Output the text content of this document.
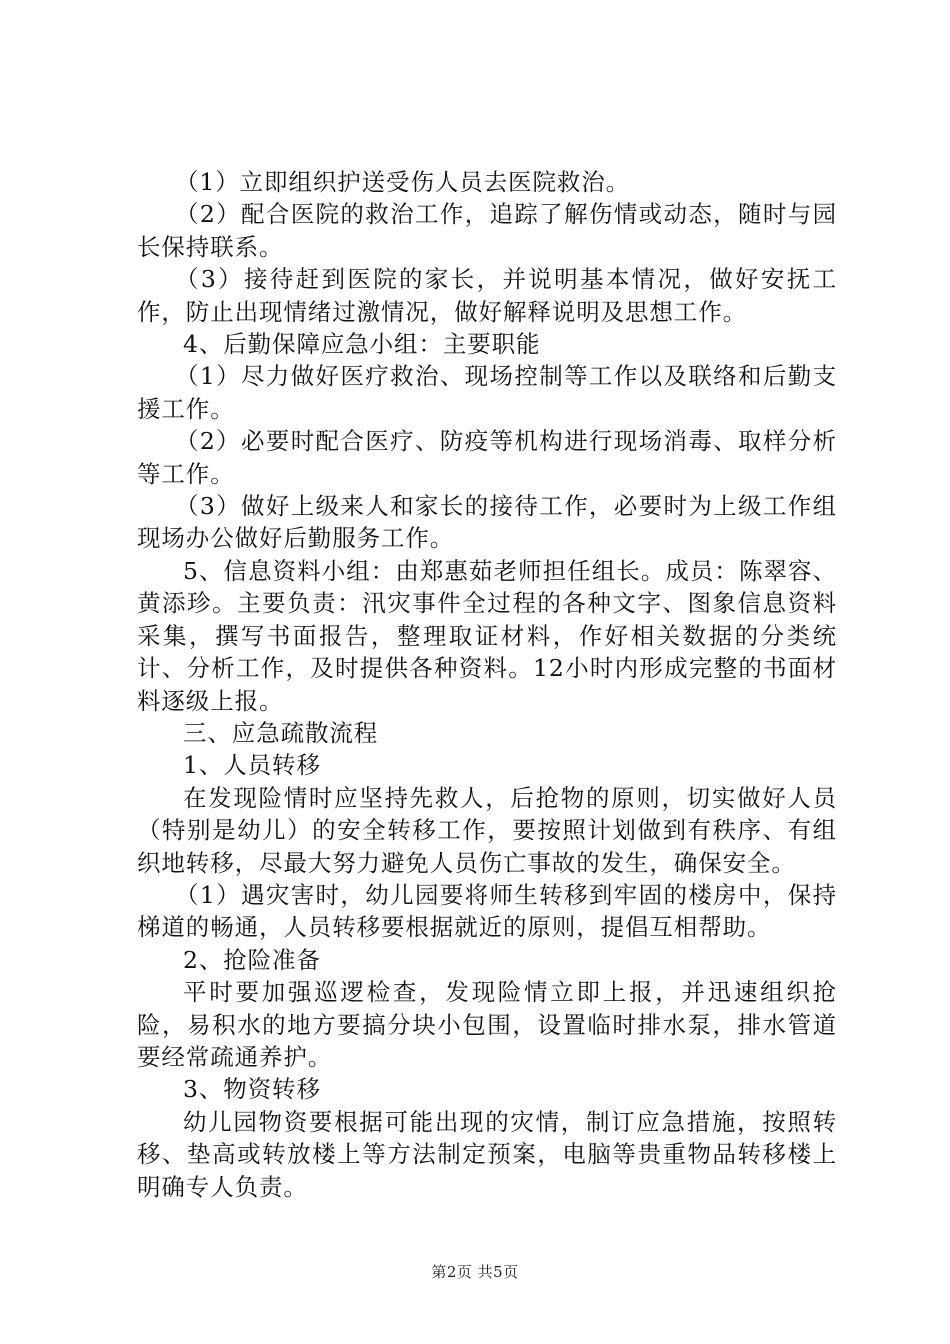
（1）立即组织护送受伤人员去医院救治。

（2）配合医院的救治工作，追踪了解伤情或动态，随时与园长保持联系。

（3）接待赶到医院的家长，并说明基本情况，做好安抚工作，防止出现情绪过激情况，做好解释说明及思想工作。

4、后勤保障应急小组：主要职能

（1）尽力做好医疗救治、现场控制等工作以及联络和后勤支援工作。

（2）必要时配合医疗、防疫等机构进行现场消毒、取样分析等工作。

（3）做好上级来人和家长的接待工作，必要时为上级工作组现场办公做好后勤服务工作。

5、信息资料小组：由郑惠茹老师担任组长。成员：陈翠容、黄添珍。主要负责：汛灾事件全过程的各种文字、图象信息资料采集，撰写书面报告，整理取证材料，作好相关数据的分类统计、分析工作，及时提供各种资料。12小时内形成完整的书面材料逐级上报。

三、应急疏散流程

1、人员转移

在发现险情时应坚持先救人，后抢物的原则，切实做好人员（特别是幼儿）的安全转移工作，要按照计划做到有秩序、有组织地转移，尽最大努力避免人员伤亡事故的发生，确保安全。

（1）遇灾害时，幼儿园要将师生转移到牢固的楼房中，保持梯道的畅通，人员转移要根据就近的原则，提倡互相帮助。

2、抢险准备

平时要加强巡逻检查，发现险情立即上报，并迅速组织抢险，易积水的地方要搞分块小包围，设置临时排水泵，排水管道要经常疏通养护。

3、物资转移

幼儿园物资要根据可能出现的灾情，制订应急措施，按照转移、垫高或转放楼上等方法制定预案，电脑等贵重物品转移楼上明确专人负责。

第2页 共5页
